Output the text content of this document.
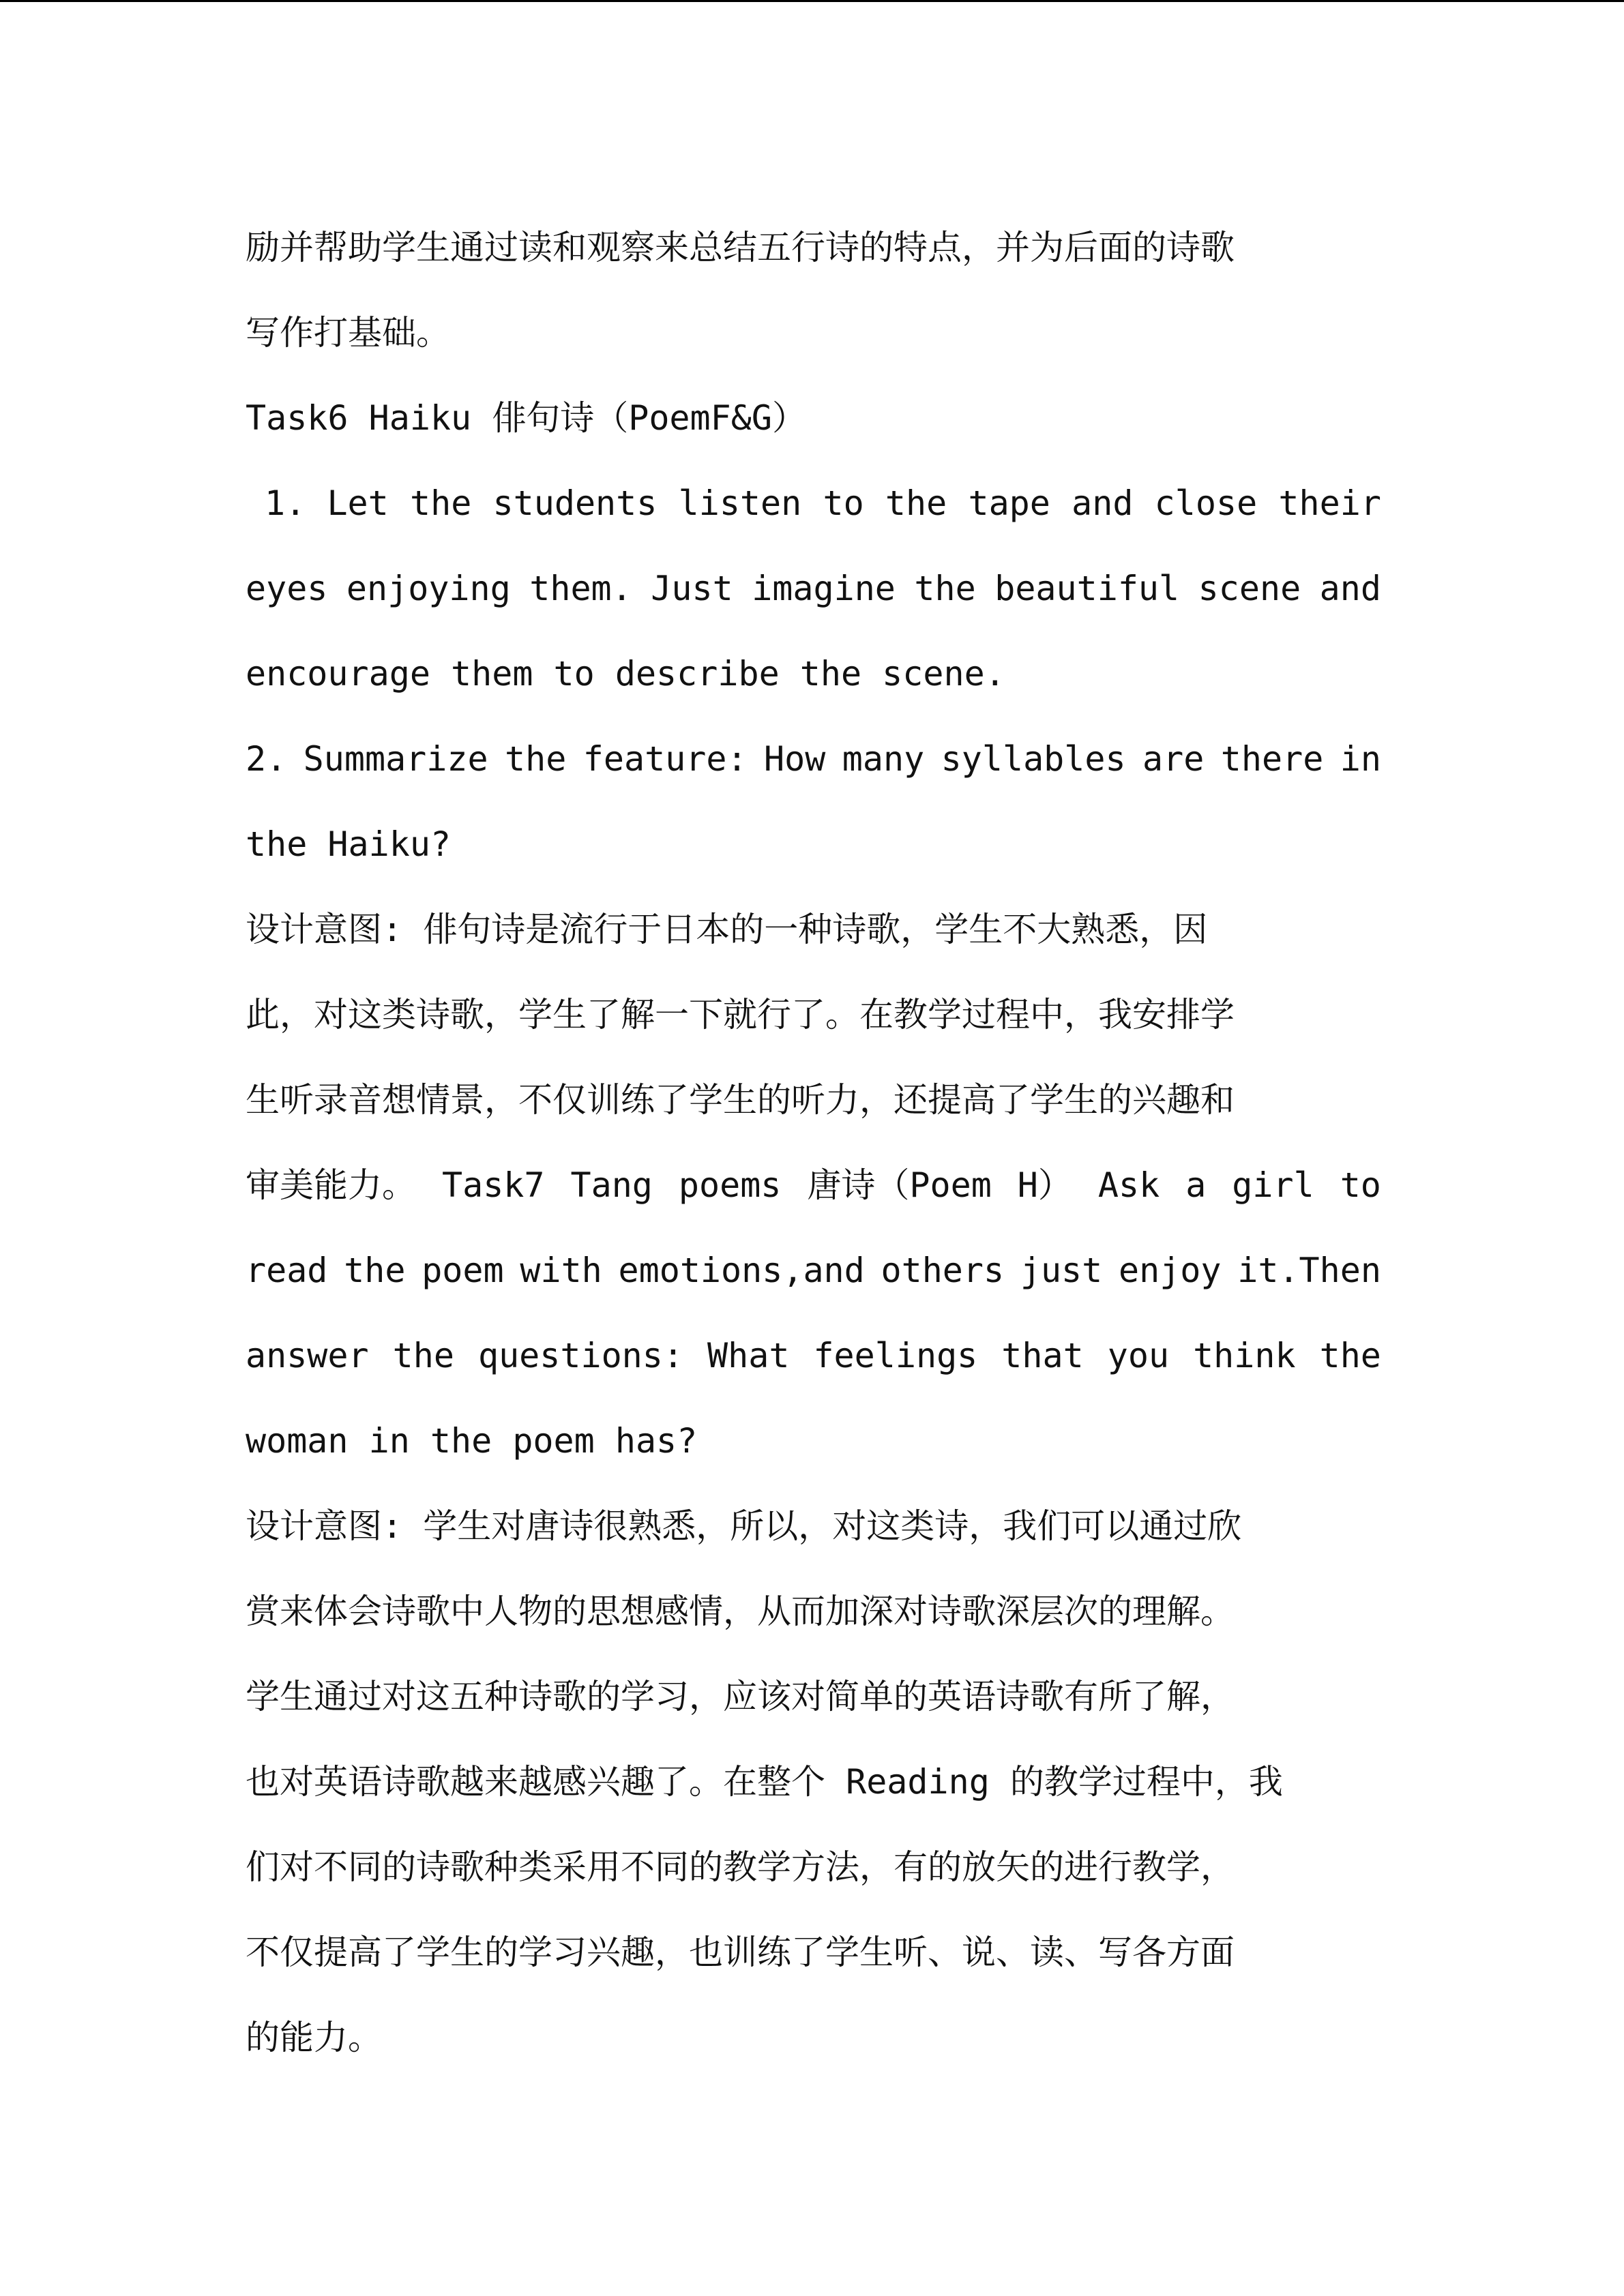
励并帮助学生通过读和观察来总结五行诗的特点，并为后面的诗歌
写作打基础。
Task6 Haiku 俳句诗（PoemF&G）
1. Let the students listen to the tape and close their
eyes enjoying them. Just imagine the beautiful scene and
encourage them to describe the scene.
2. Summarize the feature: How many syllables are there in
the Haiku?
设计意图: 俳句诗是流行于日本的一种诗歌，学生不大熟悉，因
此，对这类诗歌，学生了解一下就行了。在教学过程中，我安排学
生听录音想情景，不仅训练了学生的听力，还提高了学生的兴趣和
审美能力。 Task7 Tang poems 唐诗（Poem H） Ask a girl to
read the poem with emotions,and others just enjoy it.Then
answer the questions: What feelings that you think the
woman in the poem has?
设计意图: 学生对唐诗很熟悉，所以，对这类诗，我们可以通过欣
赏来体会诗歌中人物的思想感情，从而加深对诗歌深层次的理解。
学生通过对这五种诗歌的学习，应该对简单的英语诗歌有所了解，
也对英语诗歌越来越感兴趣了。在整个 Reading 的教学过程中，我
们对不同的诗歌种类采用不同的教学方法，有的放矢的进行教学，
不仅提高了学生的学习兴趣，也训练了学生听、说、读、写各方面
的能力。
